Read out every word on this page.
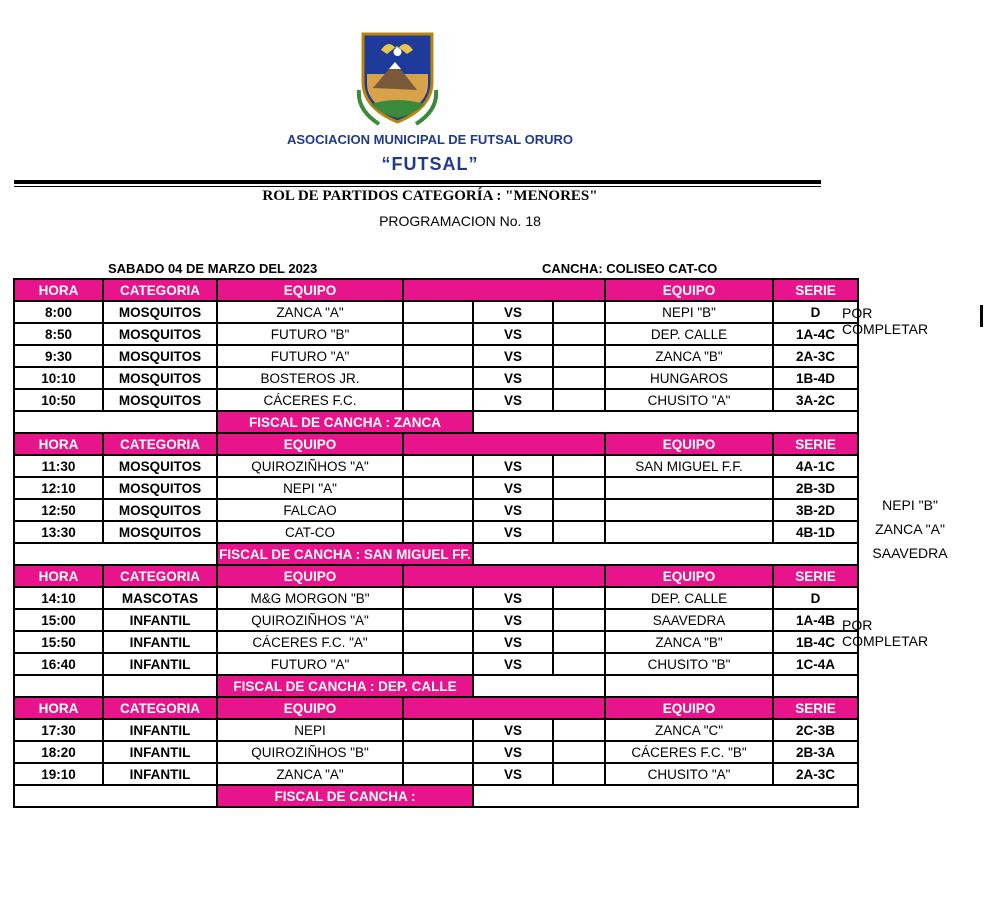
ASOCIACION MUNICIPAL DE FUTSAL ORURO
“FUTSAL”
ROL DE PARTIDOS CATEGORÍA : "MENORES"
PROGRAMACION No. 18
SABADO 04 DE MARZO DEL 2023	CANCHA: COLISEO CAT-CO
HORA	CATEGORIA	EQUIPO				EQUIPO	SERIE
8:00	MOSQUITOS	ZANCA "A"		VS		NEPI "B"	D
8:50	MOSQUITOS	FUTURO "B"		VS		DEP. CALLE	1A-4C
9:30	MOSQUITOS	FUTURO "A"		VS		ZANCA "B"	2A-3C
10:10	MOSQUITOS	BOSTEROS JR.		VS		HUNGAROS	1B-4D
10:50	MOSQUITOS	CÁCERES F.C.		VS		CHUSITO "A"	3A-2C
		FISCAL DE CANCHA : ZANCA					
HORA	CATEGORIA	EQUIPO				EQUIPO	SERIE
11:30	MOSQUITOS	QUIROZIÑHOS "A"		VS		SAN MIGUEL F.F.	4A-1C
12:10	MOSQUITOS	NEPI "A"		VS			2B-3D
12:50	MOSQUITOS	FALCAO		VS			3B-2D
13:30	MOSQUITOS	CAT-CO		VS			4B-1D
		FISCAL DE CANCHA : SAN MIGUEL FF.					
HORA	CATEGORIA	EQUIPO				EQUIPO	SERIE
14:10	MASCOTAS	M&G MORGON "B"		VS		DEP. CALLE	D
15:00	INFANTIL	QUIROZIÑHOS "A"		VS		SAAVEDRA	1A-4B
15:50	INFANTIL	CÁCERES F.C. "A"		VS		ZANCA "B"	1B-4C
16:40	INFANTIL	FUTURO "A"		VS		CHUSITO "B"	1C-4A
		FISCAL DE CANCHA : DEP. CALLE					
HORA	CATEGORIA	EQUIPO				EQUIPO	SERIE
17:30	INFANTIL	NEPI		VS		ZANCA "C"	2C-3B
18:20	INFANTIL	QUIROZIÑHOS "B"		VS		CÁCERES F.C. "B"	2B-3A
19:10	INFANTIL	ZANCA "A"		VS		CHUSITO "A"	2A-3C
		FISCAL DE CANCHA :					
POR COMPLETAR
NEPI "B"
ZANCA "A"
SAAVEDRA
POR COMPLETAR
